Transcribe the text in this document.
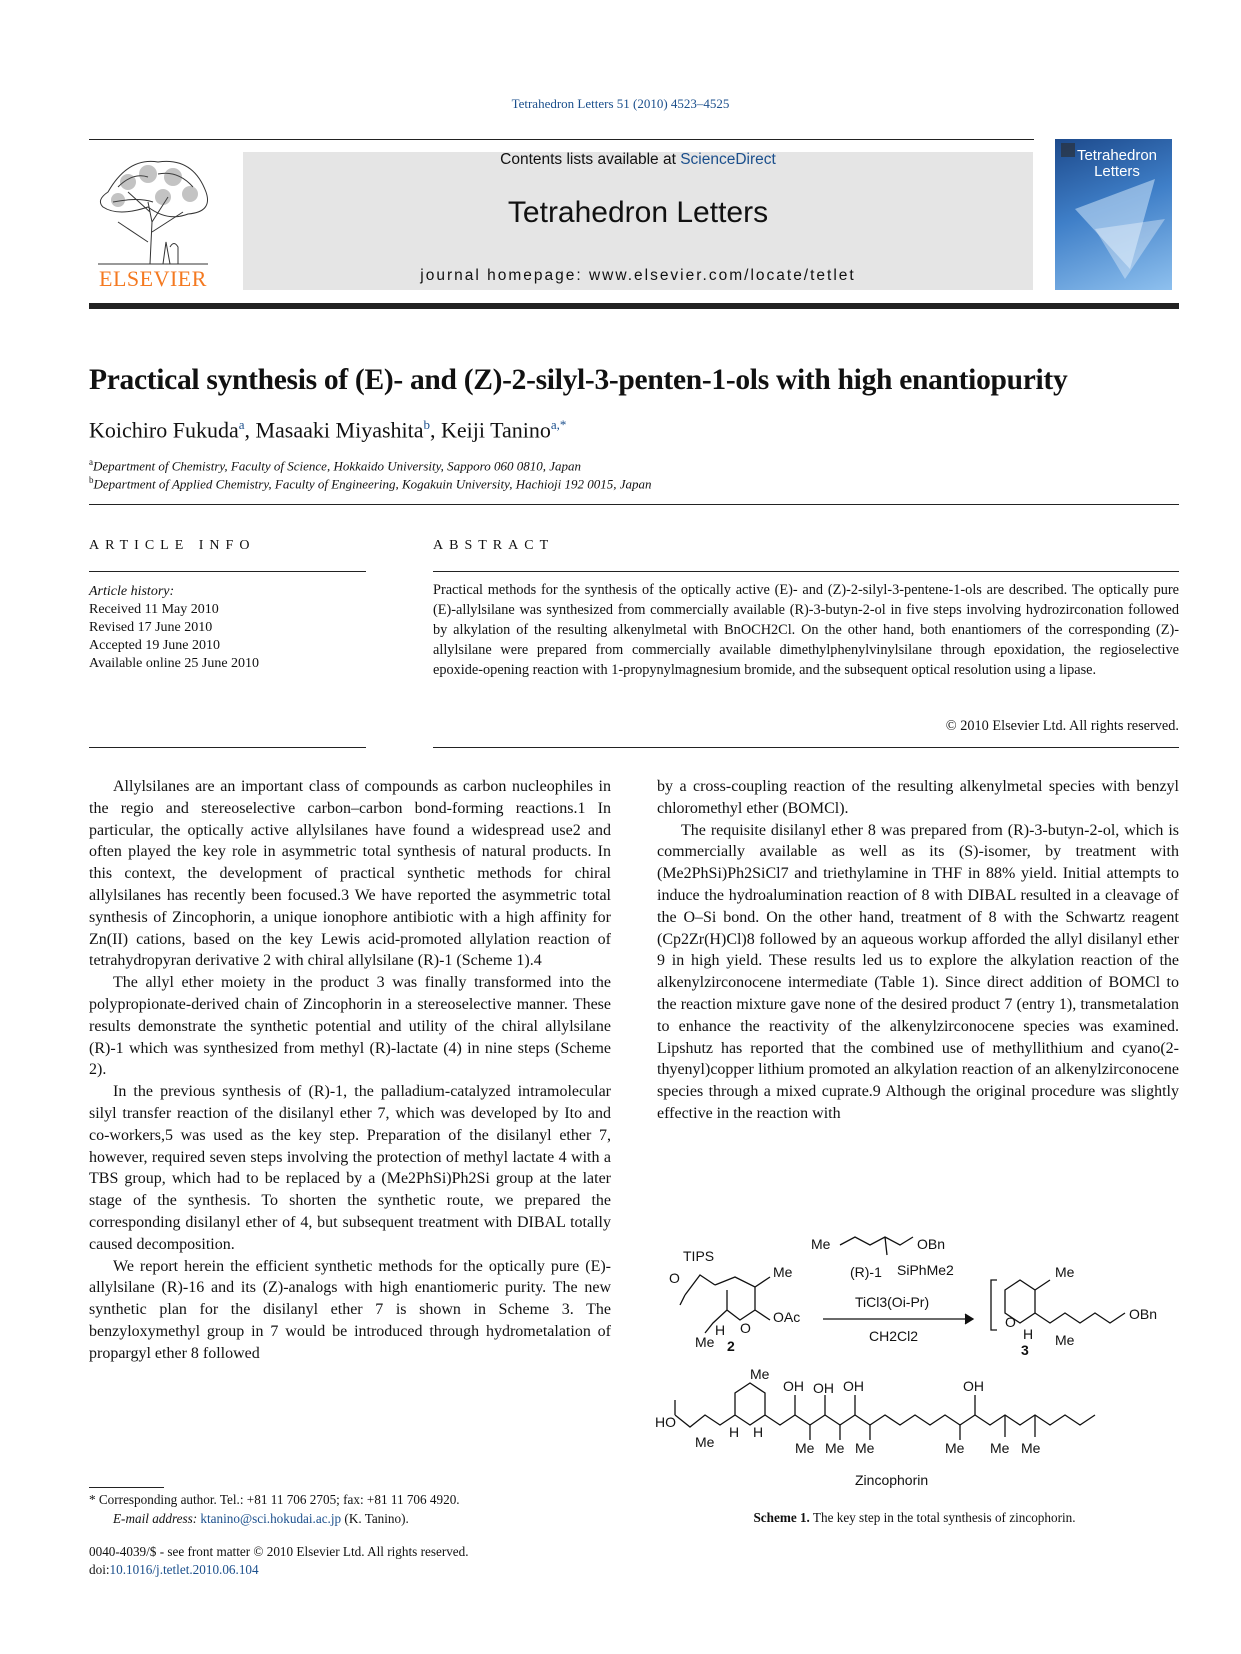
Tetrahedron Letters 51 (2010) 4523–4525
ELSEVIER
Contents lists available at ScienceDirect
Tetrahedron Letters
journal homepage: www.elsevier.com/locate/tetlet
Tetrahedron Letters
Practical synthesis of (E)- and (Z)-2-silyl-3-penten-1-ols with high enantiopurity
Koichiro Fukuda$^a$, Masaaki Miyashita$^b$, Keiji Tanino$^{a,*}$
$^a$Department of Chemistry, Faculty of Science, Hokkaido University, Sapporo 060 0810, Japan
$^b$Department of Applied Chemistry, Faculty of Engineering, Kogakuin University, Hachioji 192 0015, Japan
ARTICLE INFO
Article history:
Received 11 May 2010
Revised 17 June 2010
Accepted 19 June 2010
Available online 25 June 2010
ABSTRACT
Practical methods for the synthesis of the optically active (E)- and (Z)-2-silyl-3-pentene-1-ols are described. The optically pure (E)-allylsilane was synthesized from commercially available (R)-3-butyn-2-ol in five steps involving hydrozirconation followed by alkylation of the resulting alkenylmetal with BnOCH2Cl. On the other hand, both enantiomers of the corresponding (Z)-allylsilane were prepared from commercially available dimethylphenylvinylsilane through epoxidation, the regioselective epoxide-opening reaction with 1-propynylmagnesium bromide, and the subsequent optical resolution using a lipase.
© 2010 Elsevier Ltd. All rights reserved.

Allylsilanes are an important class of compounds as carbon nucleophiles in the regio and stereoselective carbon–carbon bond-forming reactions.1 In particular, the optically active allylsilanes have found a widespread use2 and often played the key role in asymmetric total synthesis of natural products. In this context, the development of practical synthetic methods for chiral allylsilanes has recently been focused.3 We have reported the asymmetric total synthesis of Zincophorin, a unique ionophore antibiotic with a high affinity for Zn(II) cations, based on the key Lewis acid-promoted allylation reaction of tetrahydropyran derivative 2 with chiral allylsilane (R)-1 (Scheme 1).4

The allyl ether moiety in the product 3 was finally transformed into the polypropionate-derived chain of Zincophorin in a stereoselective manner. These results demonstrate the synthetic potential and utility of the chiral allylsilane (R)-1 which was synthesized from methyl (R)-lactate (4) in nine steps (Scheme 2).

In the previous synthesis of (R)-1, the palladium-catalyzed intramolecular silyl transfer reaction of the disilanyl ether 7, which was developed by Ito and co-workers,5 was used as the key step. Preparation of the disilanyl ether 7, however, required seven steps involving the protection of methyl lactate 4 with a TBS group, which had to be replaced by a (Me2PhSi)Ph2Si group at the later stage of the synthesis. To shorten the synthetic route, we prepared the corresponding disilanyl ether of 4, but subsequent treatment with DIBAL totally caused decomposition.

We report herein the efficient synthetic methods for the optically pure (E)-allylsilane (R)-16 and its (Z)-analogs with high enantiomeric purity. The new synthetic plan for the disilanyl ether 7 is shown in Scheme 3. The benzyloxymethyl group in 7 would be introduced through hydrometalation of propargyl ether 8 followed

by a cross-coupling reaction of the resulting alkenylmetal species with benzyl chloromethyl ether (BOMCl).

The requisite disilanyl ether 8 was prepared from (R)-3-butyn-2-ol, which is commercially available as well as its (S)-isomer, by treatment with (Me2PhSi)Ph2SiCl7 and triethylamine in THF in 88% yield. Initial attempts to induce the hydroalumination reaction of 8 with DIBAL resulted in a cleavage of the O–Si bond. On the other hand, treatment of 8 with the Schwartz reagent (Cp2Zr(H)Cl)8 followed by an aqueous workup afforded the allyl disilanyl ether 9 in high yield. These results led us to explore the alkylation reaction of the alkenylzirconocene intermediate (Table 1). Since direct addition of BOMCl to the reaction mixture gave none of the desired product 7 (entry 1), transmetalation to enhance the reactivity of the alkenylzirconocene species was examined. Lipshutz has reported that the combined use of methyllithium and cyano(2-thyenyl)copper lithium promoted an alkylation reaction of an alkenylzirconocene species through a mixed cuprate.9 Although the original procedure was slightly effective in the reaction with

TIPS
O	Me
OAc
O
H
Me 2
Me	OBn
(R)-1 SiPhMe2
TiCl3(Oi-Pr)
CH2Cl2
Me
O
H Me
OBn
3
Me
OH OH OH	OH
HO
Me
H H
Me Me Me	Me Me Me
Zincophorin
Scheme 1. The key step in the total synthesis of zincophorin.
* Corresponding author. Tel.: +81 11 706 2705; fax: +81 11 706 4920.
E-mail address: ktanino@sci.hokudai.ac.jp (K. Tanino).
0040-4039/$ - see front matter © 2010 Elsevier Ltd. All rights reserved.
doi:10.1016/j.tetlet.2010.06.104
